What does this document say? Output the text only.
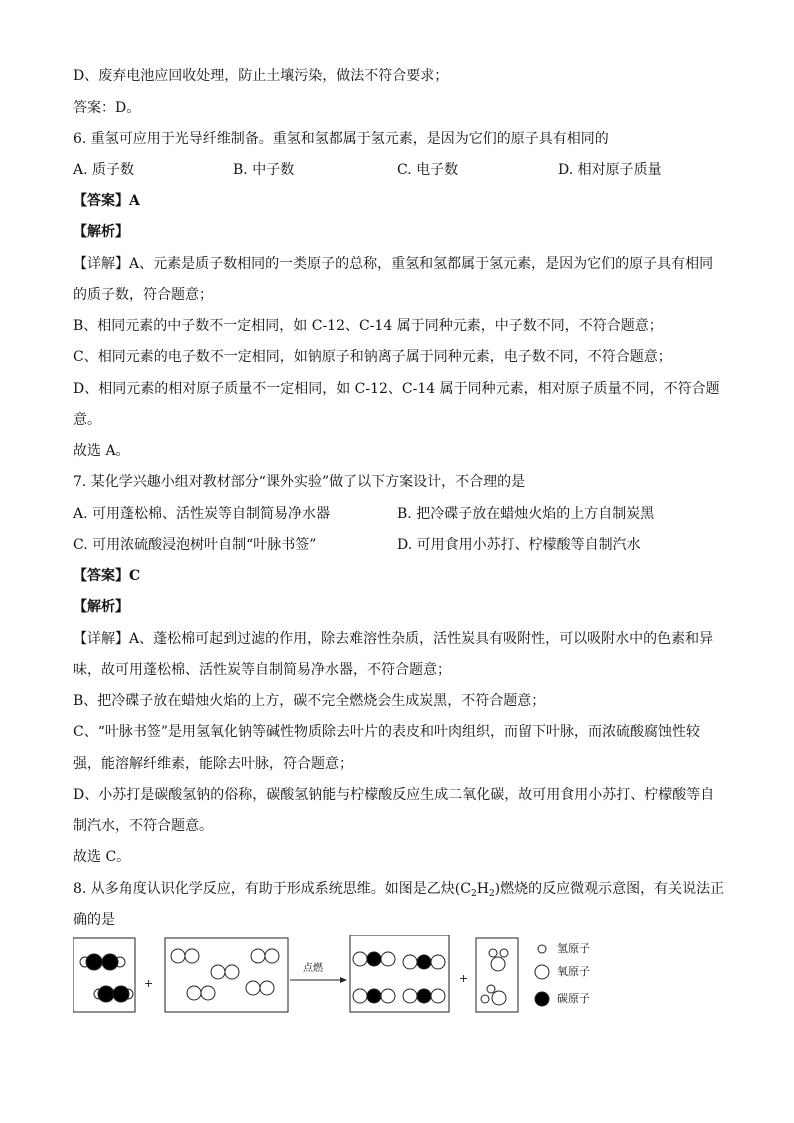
D、废弃电池应回收处理，防止土壤污染，做法不符合要求；
答案：D。
6. 重氢可应用于光导纤维制备。重氢和氢都属于氢元素，是因为它们的原子具有相同的
A. 质子数	B. 中子数	C. 电子数	D. 相对原子质量
【答案】A
【解析】
【详解】A、元素是质子数相同的一类原子的总称，重氢和氢都属于氢元素，是因为它们的原子具有相同
的质子数，符合题意；
B、相同元素的中子数不一定相同，如 C-12、C-14 属于同种元素，中子数不同，不符合题意；
C、相同元素的电子数不一定相同，如钠原子和钠离子属于同种元素，电子数不同，不符合题意；
D、相同元素的相对原子质量不一定相同，如 C-12、C-14 属于同种元素，相对原子质量不同，不符合题
意。
故选 A。
7. 某化学兴趣小组对教材部分“课外实验”做了以下方案设计，不合理的是
A. 可用蓬松棉、活性炭等自制简易净水器	B. 把冷碟子放在蜡烛火焰的上方自制炭黑
C. 可用浓硫酸浸泡树叶自制“叶脉书签”	D. 可用食用小苏打、柠檬酸等自制汽水
【答案】C
【解析】
【详解】A、蓬松棉可起到过滤的作用，除去难溶性杂质，活性炭具有吸附性，可以吸附水中的色素和异
味，故可用蓬松棉、活性炭等自制简易净水器，不符合题意；
B、把冷碟子放在蜡烛火焰的上方，碳不完全燃烧会生成炭黑，不符合题意；
C、“叶脉书签”是用氢氧化钠等碱性物质除去叶片的表皮和叶肉组织，而留下叶脉，而浓硫酸腐蚀性较
强，能溶解纤维素，能除去叶脉，符合题意；
D、小苏打是碳酸氢钠的俗称，碳酸氢钠能与柠檬酸反应生成二氧化碳，故可用食用小苏打、柠檬酸等自
制汽水，不符合题意。
故选 C。
8. 从多角度认识化学反应，有助于形成系统思维。如图是乙炔$(C_2H_2)$燃烧的反应微观示意图，有关说法正
确的是
+	+
点燃
氢原子
氧原子
碳原子
